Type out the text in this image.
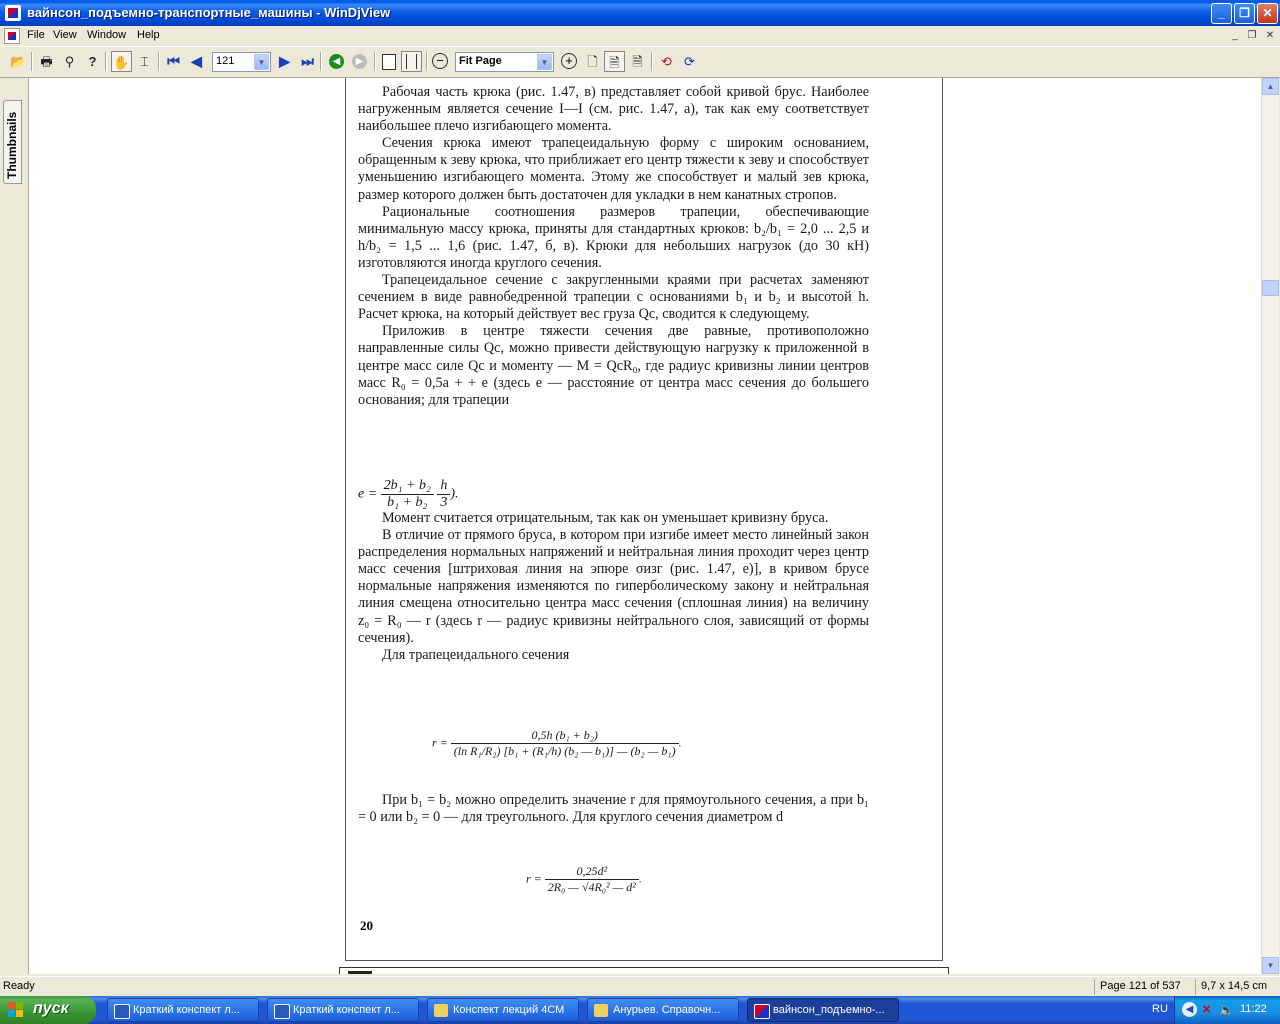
вайнсон_подъемно-транспортные_машины - WinDjView	_	❐	✕
File View Window Help	_ ❐ ✕
📂	🖶 ⚲	?	✋ ⌶	⏮ ◀	121	▼ ▶ ⏭	◀	▶	−	Fit Page	▼	+	🗋 🗎 🗎	⟲ ⟳
Thumbnails

Рабочая часть крюка (рис. 1.47, в) представляет собой кривой брус. Наиболее нагруженным является сечение I—I (см. рис. 1.47, а), так как ему соответствует наибольшее плечо изгибающего момента.

Сечения крюка имеют трапецеидальную форму с широким основанием, обращенным к зеву крюка, что приближает его центр тяжести к зеву и способствует уменьшению изгибающего момента. Этому же способствует и малый зев крюка, размер которого должен быть достаточен для укладки в нем канатных стропов.

Рациональные соотношения размеров трапеции, обеспечивающие минимальную массу крюка, приняты для стандартных крюков: b₂/b₁ = 2,0 ... 2,5 и h/b₂ = 1,5 ... 1,6 (рис. 1.47, б, в). Крюки для небольших нагрузок (до 30 кН) изготовляются иногда круглого сечения.

Трапецеидальное сечение с закругленными краями при расчетах заменяют сечением в виде равнобедренной трапеции с основаниями b₁ и b₂ и высотой h. Расчет крюка, на который действует вес груза Qc, сводится к следующему.

Приложив в центре тяжести сечения две равные, противоположно направленные силы Qc, можно привести действующую нагрузку к приложенной в центре масс силе Qc и моменту — M = QcR₀, где радиус кривизны линии центров масс R₀ = 0,5a + + e (здесь e — расстояние от центра масс сечения до большего основания; для трапеции

$e = \frac{\text{2b₁ + b₂}}{\text{b₁ + b₂}}$
$\frac{h}{3}$ ).

Момент считается отрицательным, так как он уменьшает кривизну бруса.

В отличие от прямого бруса, в котором при изгибе имеет место линейный закон распределения нормальных напряжений и нейтральная линия проходит через центр масс сечения [штриховая линия на эпюре σизг (рис. 1.47, е)], в кривом брусе нормальные напряжения изменяются по гиперболическому закону и нейтральная линия смещена относительно центра масс сечения (сплошная линия) на величину z₀ = R₀ — r (здесь r — радиус кривизны нейтрального слоя, зависящий от формы сечения).

Для трапецеидального сечения

$r = \frac{\text{0,5h (b₁ + b₂)}}{\text{(ln R₁/R₂) [b₁ + (R₁/h) (b₂ — b₁)] — (b₂ — b₁)}}$ .

При b₁ = b₂ можно определить значение r для прямоугольного сечения, а при b₁ = 0 или b₂ = 0 — для треугольного. Для круглого сечения диаметром d

$r = \frac{\text{0,25d²}}{\text{2R₀ — √4R₀² — d²}}$ .
20
▲
▼
Ready	Page 121 of 537 9,7 x 14,5 cm
пуск	Краткий конспект л...	Краткий конспект л...	Конспект лекций 4СМ	Анурьев. Справочн...	вайнсон_подъемно-...	RU	◀ ✕ 🔈 11:22
